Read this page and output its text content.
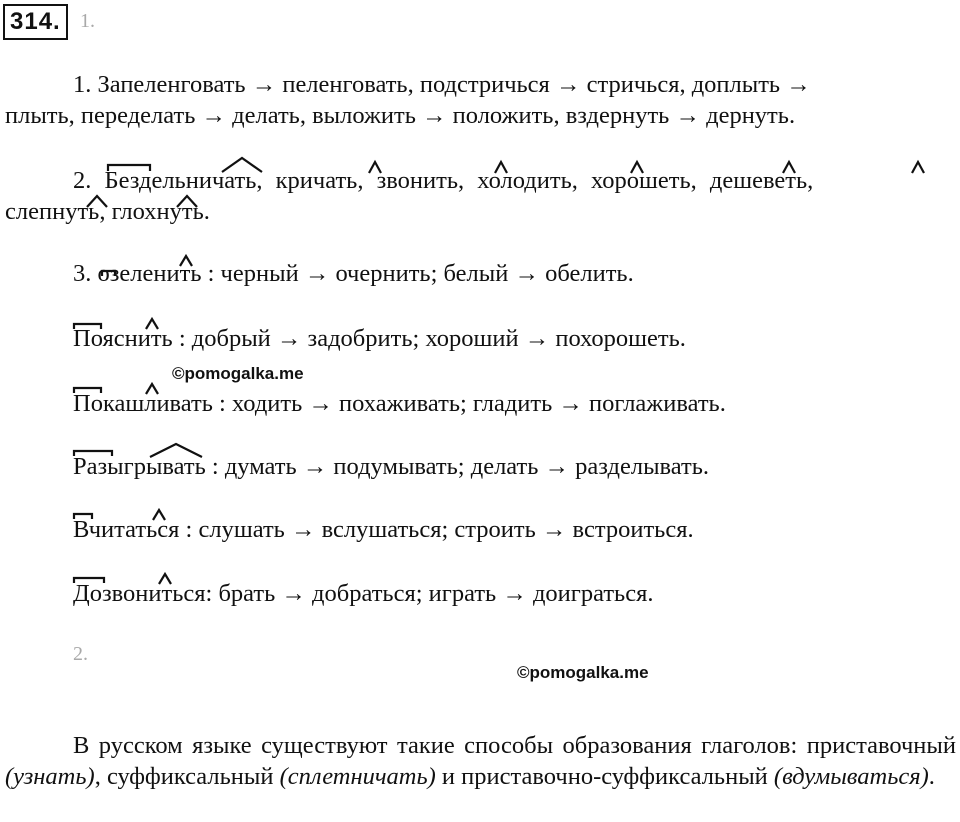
314. 1.
1. Запеленговать → пеленговать, подстричься → стричься, доплыть →
плыть, переделать → делать, выложить → положить, вздернуть → дернуть.
2. Бездельничать, кричать, звонить, холодить, хорошеть, дешеветь,
слепнуть, глохнуть.
3. озеленить : черный → очернить; белый → обелить.
Пояснить : добрый → задобрить; хороший → похорошеть.
©pomogalka.me
Покашливать : ходить → похаживать; гладить → поглаживать.
Разыгрывать : думать → подумывать; делать → разделывать.
Вчитаться : слушать → вслушаться; строить → встроиться.
Дозвониться: брать → добраться; играть → доиграться.
2.
©pomogalka.me
В русском языке существуют такие способы образования глаголов: приставочный (узнать), суффиксальный (сплетничать) и приставочно-суффиксальный (вдумываться).
